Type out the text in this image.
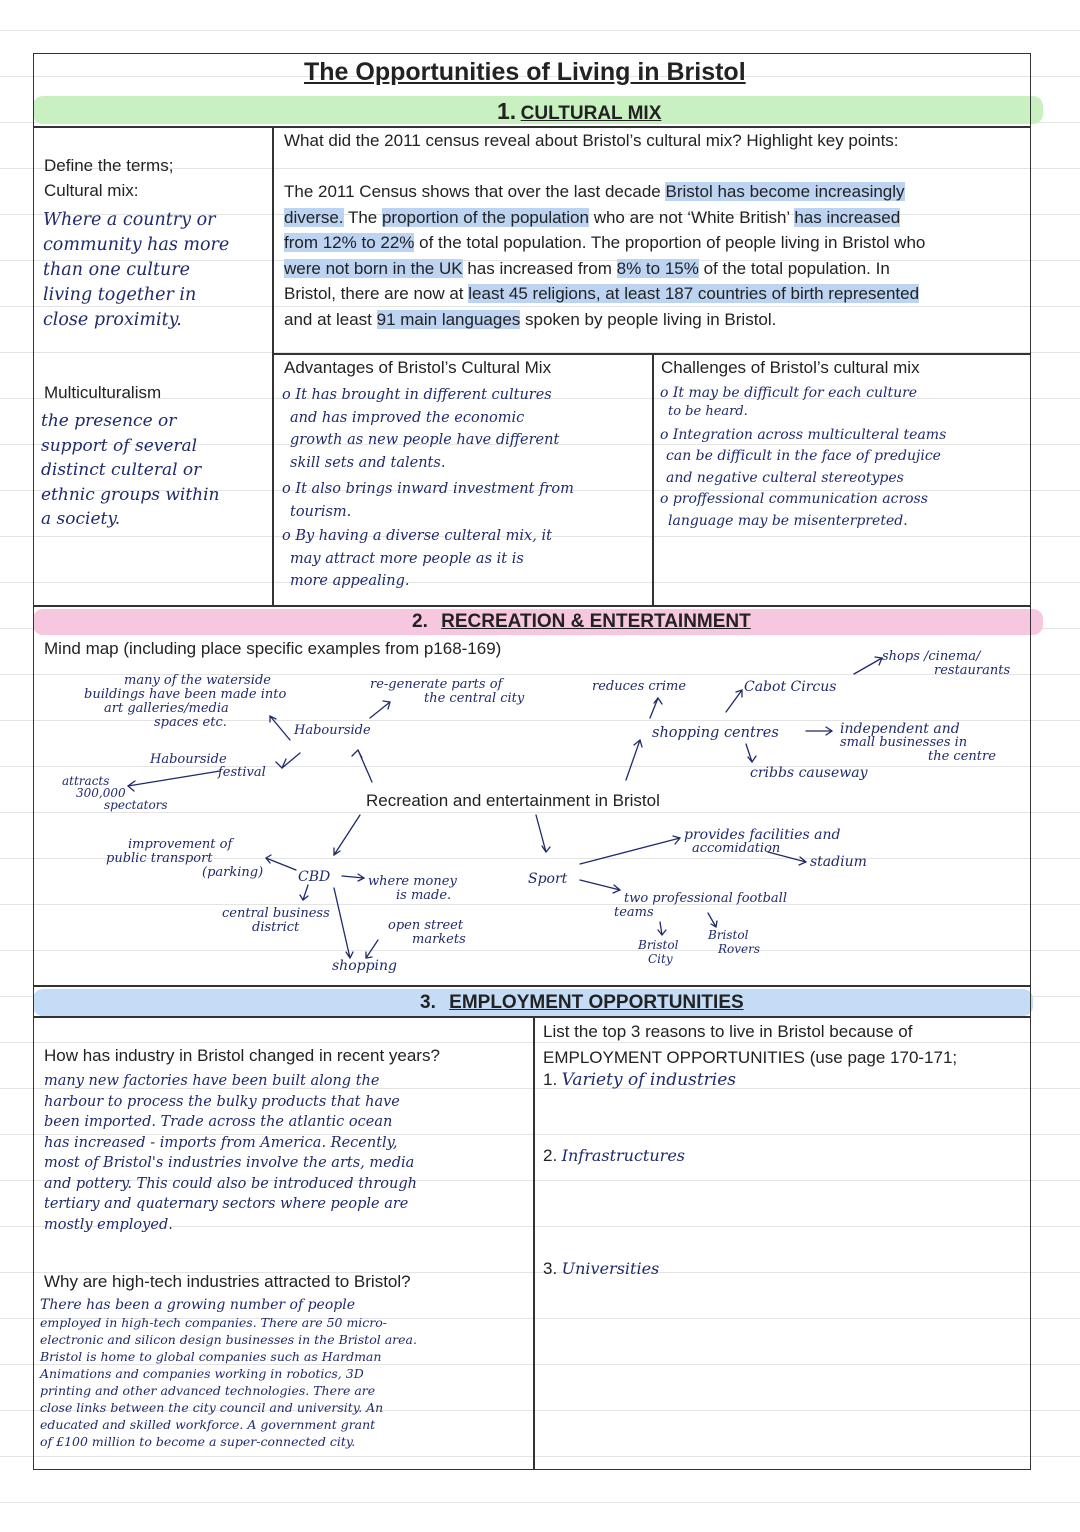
The Opportunities of Living in Bristol
1. CULTURAL MIX
What did the 2011 census reveal about Bristol’s cultural mix? Highlight key points:
Define the terms;
Cultural mix:
Where a country or
community has more
than one culture
living together in
close proximity.
The 2011 Census shows that over the last decade Bristol has become increasingly
diverse. The proportion of the population who are not ‘White British’ has increased
from 12% to 22% of the total population. The proportion of people living in Bristol who
were not born in the UK has increased from 8% to 15% of the total population. In
Bristol, there are now at least 45 religions, at least 187 countries of birth represented
and at least 91 main languages spoken by people living in Bristol.
Multiculturalism
the presence or
support of several
distinct culteral or
ethnic groups within
a society.
Advantages of Bristol’s Cultural Mix
o It has brought in different cultures
and has improved the economic
growth as new people have different
skill sets and talents.
o It also brings inward investment from
tourism.
o By having a diverse culteral mix, it
may attract more people as it is
more appealing.
Challenges of Bristol’s cultural mix
o It may be difficult for each culture
to be heard.
o Integration across multiculteral teams
can be difficult in the face of predujice
and negative culteral stereotypes
o proffessional communication across
language may be misenterpreted.
2. RECREATION & ENTERTAINMENT
Mind map (including place specific examples from p168-169)
Recreation and entertainment in Bristol
many of the waterside
buildings have been made into
art galleries/media
spaces etc.
re-generate parts of
the central city
Habourside
Habourside
festival
attracts
300,000
spectators
improvement of
public transport
(parking) CBD	where money
is made.
central business
district	open street
markets
shopping
reduces crime	Cabot Circus
shops /cinema/
restaurants
shopping centres	independent and
small businesses in
the centre
cribbs causeway
Sport
provides facilities and
accomidation
stadium
two professional football
teams
Bristol
City
Bristol
Rovers
3. EMPLOYMENT OPPORTUNITIES
How has industry in Bristol changed in recent years?
many new factories have been built along the
harbour to process the bulky products that have
been imported. Trade across the atlantic ocean
has increased - imports from America. Recently,
most of Bristol's industries involve the arts, media
and pottery. This could also be introduced through
tertiary and quaternary sectors where people are
mostly employed.
Why are high-tech industries attracted to Bristol?
There has been a growing number of people
employed in high-tech companies. There are 50 micro-
electronic and silicon design businesses in the Bristol area.
Bristol is home to global companies such as Hardman
Animations and companies working in robotics, 3D
printing and other advanced technologies. There are
close links between the city council and university. An
educated and skilled workforce. A government grant
of £100 million to become a super-connected city.
List the top 3 reasons to live in Bristol because of
EMPLOYMENT OPPORTUNITIES (use page 170-171;
1. Variety of industries
2. Infrastructures
3. Universities
